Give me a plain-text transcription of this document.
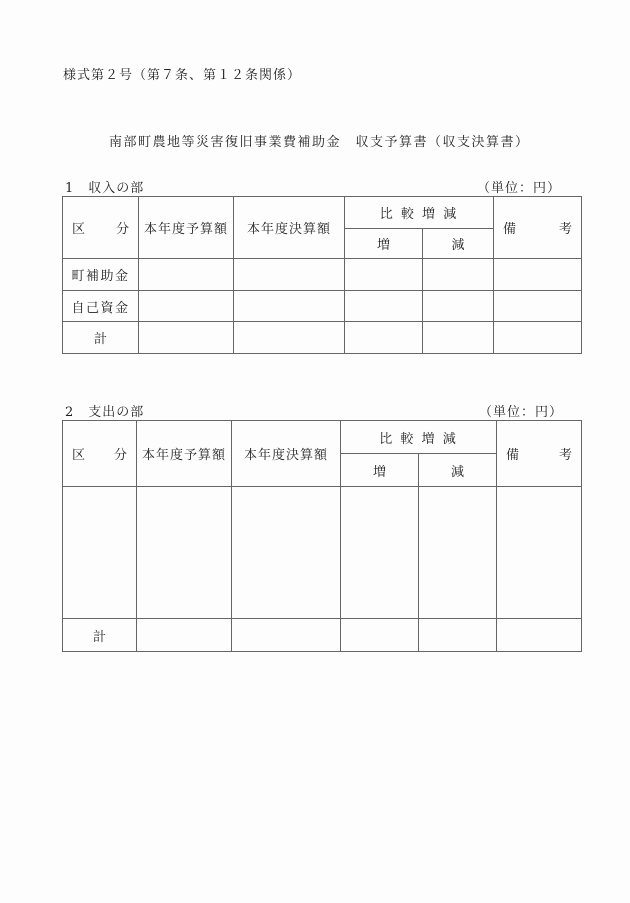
様式第２号（第７条、第１２条関係）
南部町農地等災害復旧事業費補助金　収支予算書（収支決算書）
1　収入の部	（単位：円）
区 分	本年度予算額	本年度決算額	比 較 増 減		備 考

			増	減	
町補助金					
自己資金					
計					
2　支出の部	（単位：円）
区 分	本年度予算額	本年度決算額	比 較 増 減		備 考

			増	減	

計					
